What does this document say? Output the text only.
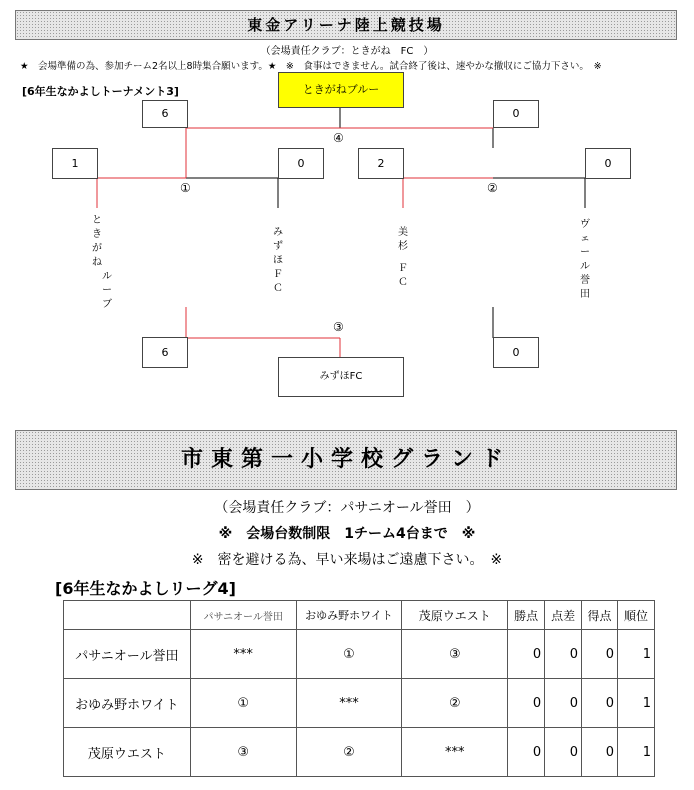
東金アリーナ陸上競技場
（会場責任クラブ：ときがね　FC　）
★　会場準備の為、参加チーム2名以上8時集合願います。★　※　食事はできません。試合終了後は、速やかな撤収にご協力下さい。　※
[6年生なかよしトーナメント3]	ときがねブルー
6	0
④
1	0	2	0
①	②
ときがね
ルーブ
みずほＦＣ
美杉
ＦＣ
ヴェール誉田
③
6	0
みずほFC
市東第一小学校グランド
（会場責任クラブ：パサニオール誉田　）
※　会場台数制限　1チーム4台まで　※
※　密を避ける為、早い来場はご遠慮下さい。　※
[6年生なかよしリーグ4]
	パサニオール誉田	おゆみ野ホワイト	茂原ウエスト	勝点	点差	得点	順位
パサニオール誉田	***	①	③	0	0	0	1
おゆみ野ホワイト	①	***	②	0	0	0	1
茂原ウエスト	③	②	***	0	0	0	1
